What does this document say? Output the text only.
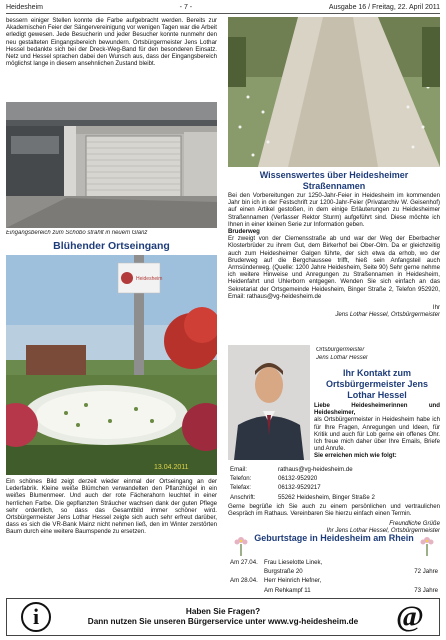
Heidesheim	- 7 -	Ausgabe 16 / Freitag, 22. April 2011

bessern einiger Stellen konnte die Farbe aufgebracht werden. Bereits zur Akademischen Feier der Sängervereinigung vor wenigen Tagen war die Arbeit erledigt gewesen. Jede Besucherin und jeder Besucher konnte nunmehr den neu gestalteten Eingangsbereich bewundern. Ortsbürgermeister Jens Lothar Hessel bedankte sich bei der Dreck-Weg-Band für den besonderen Einsatz. Netz und Hessel sprachen dabei den Wunsch aus, dass der Eingangsbereich möglichst lange in diesem ansehnlichen Zustand bleibt.

Eingangsbereich zum Schöbo strahlt in neuem Glanz
Blühender Ortseingang
Heidesheim
13.04.2011

Ein schönes Bild zeigt derzeit wieder einmal der Ortseingang an der Lederfabrik. Kleine weiße Blümchen verwandelten den Pflanzhügel in ein weißes Blumenmeer. Und auch der rote Fächerahorn leuchtet in einer herrlichen Farbe. Die gepflanzten Sträucher wachsen dank der guten Pflege sehr ordentlich, so dass das Gesamtbild immer schöner wird. Ortsbürgermeister Jens Lothar Hessel zeigte sich auch sehr erfreut darüber, dass es sich die VR-Bank Mainz nicht nehmen ließ, den im Winter zerstörten Baum durch eine weitere Baumspende zu ersetzen.

Wissenswertes über Heidesheimer Straßennamen

Bei den Vorbereitungen zur 1250-Jahr-Feier in Heidesheim im kommenden Jahr bin ich in der Festschrift zur 1200-Jahr-Feier (Privatarchiv W. Geisenhof) auf einen Artikel gestoßen, in dem einige Erläuterungen zu Heidesheimer Straßennamen (Verfasser Rektor Sturm) aufgeführt sind. Diese möchte ich Ihnen in einer kleinen Serie zur Information geben.

Bruderweg

Er zweigt von der Ciemensstraße ab und war der Weg der Eberbacher Klosterbrüder zu ihrem Gut, dem Birkerhof bei Ober-Olm. Da er gleichzeitig auch zum Heidesheimer Galgen führte, der sich etwa da erhob, wo der Bruderweg auf die Bergchaussee trifft, hieß sein Anfangsteil auch Armsünderweg. (Quelle: 1200 Jahre Heidesheim, Seite 90) Sehr gerne nehme ich weitere Hinweise und Anregungen zu Straßennamen in Heidesheim, Heidenfahrt und Uhlerborn entgegen. Wenden Sie sich einfach an das Sekretariat der Ortsgemeinde Heidesheim, Binger Straße 2, Telefon 952920, Email: rathaus@vg-heidesheim.de

Ihr

Jens Lothar Hessel, Ortsbürgermeister

Ortsbürgermeister
Jens Lothar Hessel
Ihr Kontakt zum Ortsbürgermeister Jens Lothar Hessel

Liebe Heidesheimerinnen und Heidesheimer,

als Ortsbürgermeister in Heidesheim habe ich für Ihre Fragen, Anregungen und Ideen, für Kritik und auch für Lob gerne ein offenes Ohr. Ich freue mich daher über Ihre Emails, Briefe und Anrufe.

Sie erreichen mich wie folgt:

Email:	rathaus@vg-heidesheim.de
Telefon:	06132-952920
Telefax:	06132-9529217
Anschrift:	55262 Heidesheim, Binger Straße 2

Gerne begrüße ich Sie auch zu einem persönlichen und vertraulichen Gespräch im Rathaus. Vereinbaren Sie hierzu einfach einen Termin.

Freundliche Grüße

Ihr Jens Lothar Hessel, Ortsbürgermeister

Geburtstage in Heidesheim am Rhein
Am 27.04.	Frau Lieselotte Linek,	
	Burgstraße 20	72 Jahre
Am 28.04.	Herr Heinrich Hefner,	
	Am Rehkampf 11	73 Jahre
i	Haben Sie Fragen?
Dann nutzen Sie unseren Bürgerservice unter www.vg-heidesheim.de	@
